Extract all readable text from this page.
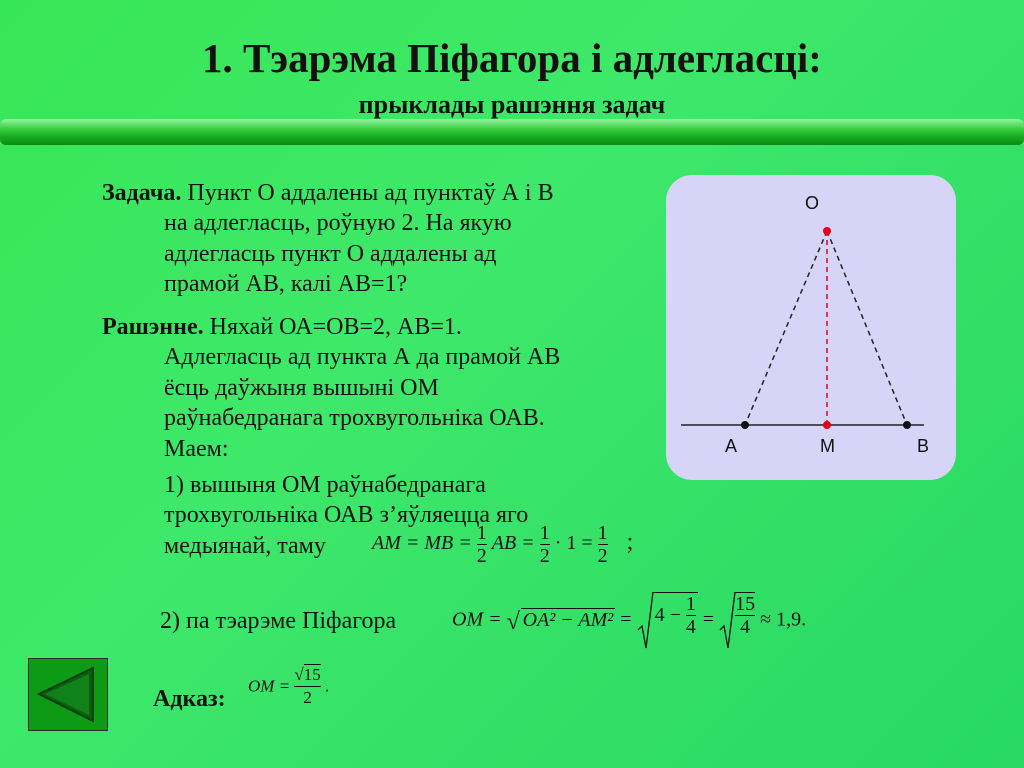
1. Тэарэма Піфагора і адлегласці:
прыклады рашэння задач
Задача. Пункт О аддалены ад пунктаў А і В
на адлегласць, роўную 2. На якую
адлегласць пункт О аддалены ад
прамой АВ, калі АВ=1?
Рашэнне. Няхай ОА=ОВ=2, АВ=1.
Адлегласць ад пункта А да прамой АВ
ёсць даўжыня вышыні ОМ
раўнабедранага трохвугольніка ОАВ.
Маем:
1) вышыня ОМ раўнабедранага
трохвугольніка ОАВ з’яўляецца яго
медыянай, таму	AM = MB = $\frac{1}{2}$ AB = $\frac{1}{2} \cdot 1 = \frac{1}{2}$ ;
2) па тэарэме Піфагора	OM = √ $OA^2 - AM^2 = 4 - \frac{1}{4} = \frac{15}{4} \approx 1,9$.
Адказ: OM = $\frac{√15}{2}$ .
O
A	M	B
